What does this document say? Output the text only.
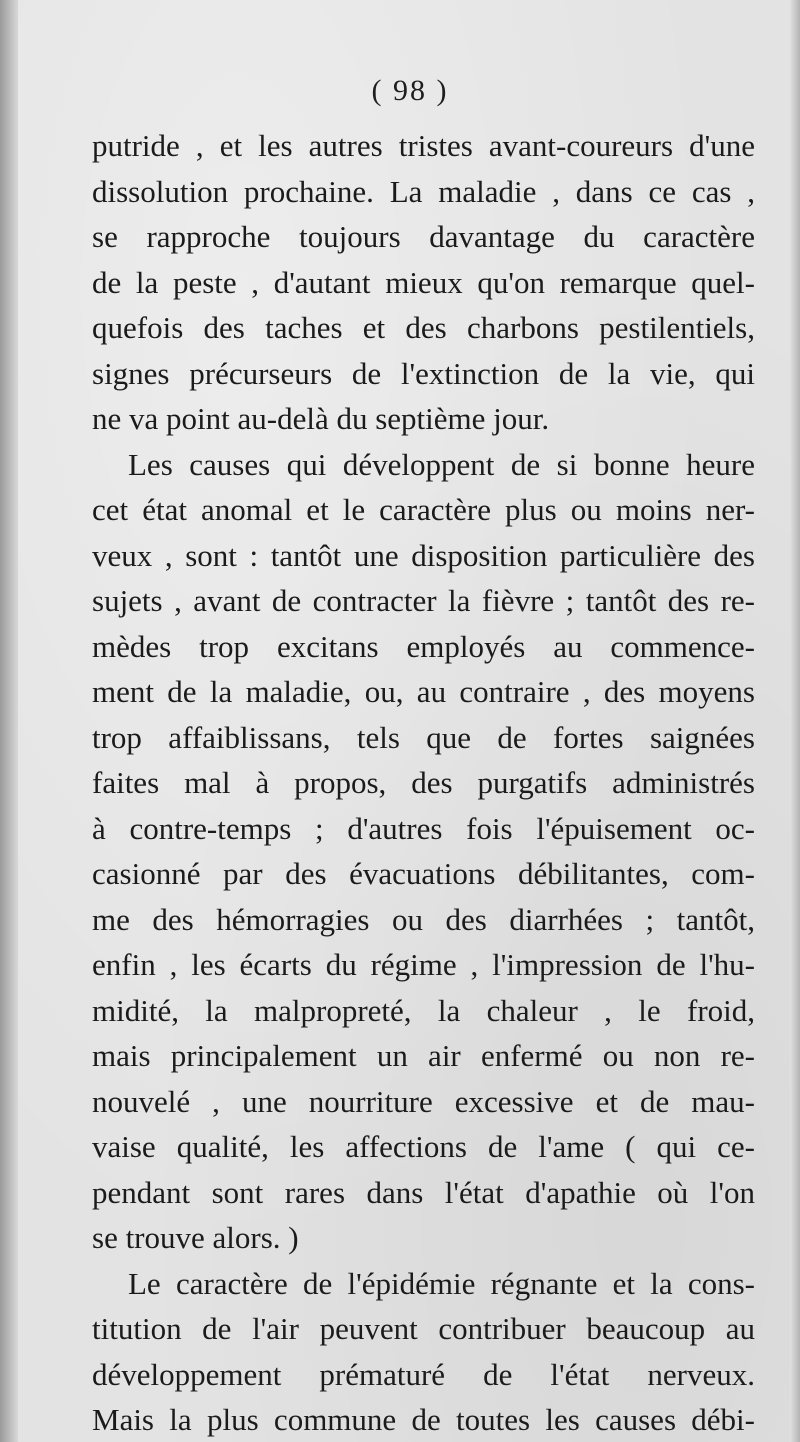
( 98 )
putride , et les autres tristes avant-coureurs d'une
dissolution prochaine. La maladie , dans ce cas ,
se rapproche toujours davantage du caractère
de la peste , d'autant mieux qu'on remarque quel-
quefois des taches et des charbons pestilentiels,
signes précurseurs de l'extinction de la vie, qui
ne va point au-delà du septième jour.
Les causes qui développent de si bonne heure
cet état anomal et le caractère plus ou moins ner-
veux , sont : tantôt une disposition particulière des
sujets , avant de contracter la fièvre ; tantôt des re-
mèdes trop excitans employés au commence-
ment de la maladie, ou, au contraire , des moyens
trop affaiblissans, tels que de fortes saignées
faites mal à propos, des purgatifs administrés
à contre-temps ; d'autres fois l'épuisement oc-
casionné par des évacuations débilitantes, com-
me des hémorragies ou des diarrhées ; tantôt,
enfin , les écarts du régime , l'impression de l'hu-
midité, la malpropreté, la chaleur , le froid,
mais principalement un air enfermé ou non re-
nouvelé , une nourriture excessive et de mau-
vaise qualité, les affections de l'ame ( qui ce-
pendant sont rares dans l'état d'apathie où l'on
se trouve alors. )
Le caractère de l'épidémie régnante et la cons-
titution de l'air peuvent contribuer beaucoup au
développement prématuré de l'état nerveux.
Mais la plus commune de toutes les causes débi-
